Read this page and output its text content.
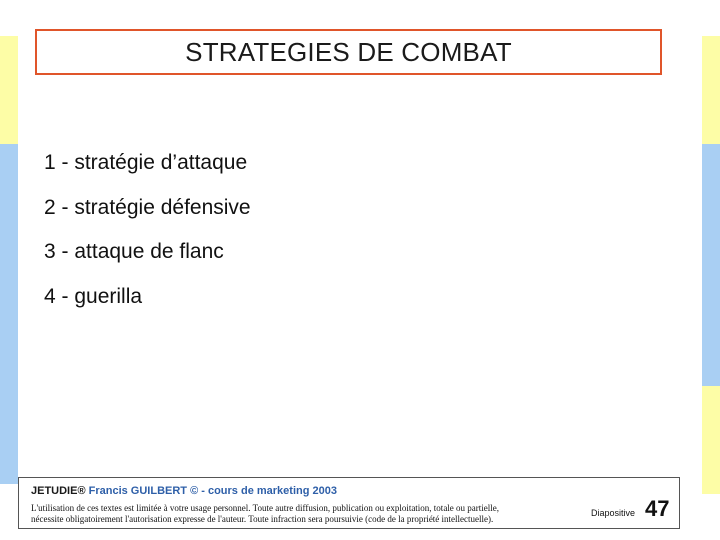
STRATEGIES DE COMBAT
1 - stratégie d’attaque
2 - stratégie défensive
3 - attaque de flanc
4 - guerilla
JETUDIE® Francis GUILBERT © - cours de marketing 2003
L'utilisation de ces textes est limitée à votre usage personnel. Toute autre diffusion, publication ou exploitation, totale ou partielle,
nécessite obligatoirement l'autorisation expresse de l'auteur. Toute infraction sera poursuivie (code de la propriété intellectuelle).
Diapositive 47
